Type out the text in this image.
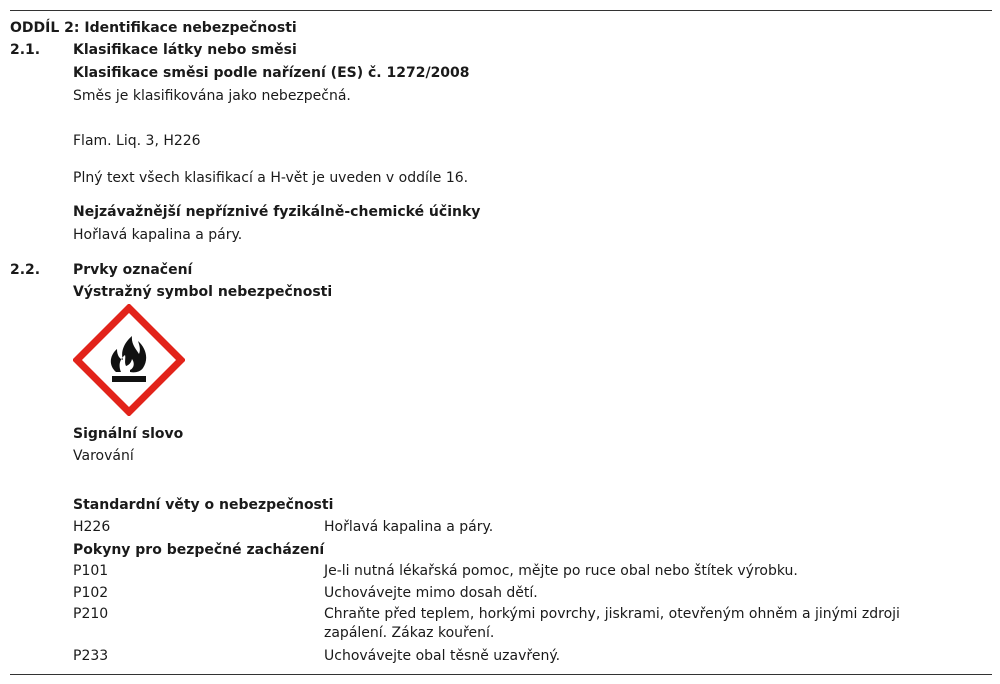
ODDÍL 2: Identifikace nebezpečnosti
2.1. Klasifikace látky nebo směsi
Klasifikace směsi podle nařízení (ES) č. 1272/2008
Směs je klasifikována jako nebezpečná.
Flam. Liq. 3, H226
Plný text všech klasifikací a H-vět je uveden v oddíle 16.
Nejzávažnější nepříznivé fyzikálně-chemické účinky
Hořlavá kapalina a páry.
2.2. Prvky označení
Výstražný symbol nebezpečnosti
Signální slovo
Varování
Standardní věty o nebezpečnosti
H226	Hořlavá kapalina a páry.
Pokyny pro bezpečné zacházení
P101	Je-li nutná lékařská pomoc, mějte po ruce obal nebo štítek výrobku.
P102	Uchovávejte mimo dosah dětí.
P210	Chraňte před teplem, horkými povrchy, jiskrami, otevřeným ohněm a jinými zdroji
zapálení. Zákaz kouření.
P233	Uchovávejte obal těsně uzavřený.
